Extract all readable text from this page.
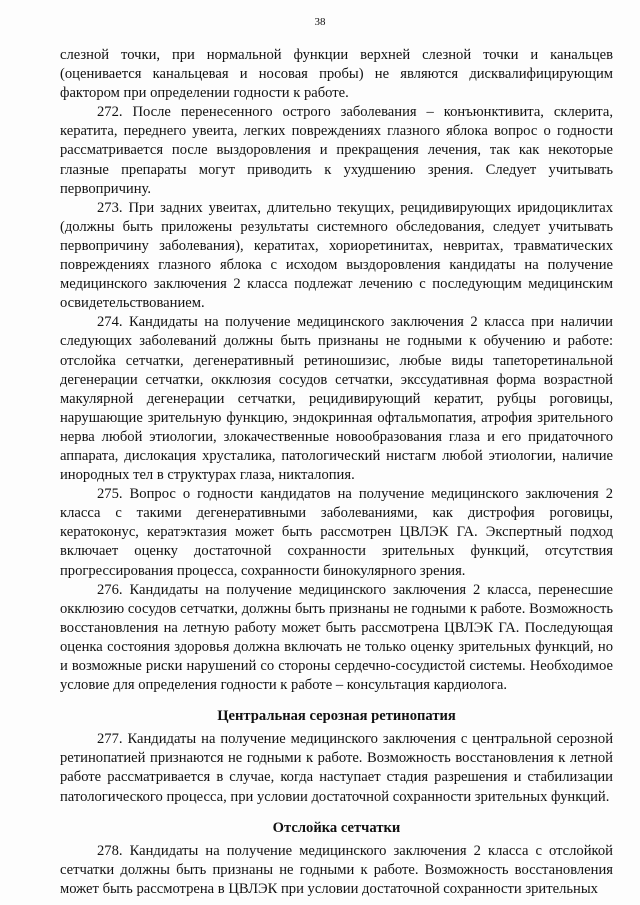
38

слезной точки, при нормальной функции верхней слезной точки и канальцев (оценивается канальцевая и носовая пробы) не являются дисквалифицирующим фактором при определении годности к работе.

272. После перенесенного острого заболевания – конъюнктивита, склерита, кератита, переднего увеита, легких повреждениях глазного яблока вопрос о годности рассматривается после выздоровления и прекращения лечения, так как некоторые глазные препараты могут приводить к ухудшению зрения. Следует учитывать первопричину.

273. При задних увеитах, длительно текущих, рецидивирующих иридоциклитах (должны быть приложены результаты системного обследования, следует учитывать первопричину заболевания), кератитах, хориоретинитах, невритах, травматических повреждениях глазного яблока с исходом выздоровления кандидаты на получение медицинского заключения 2 класса подлежат лечению с последующим медицинским освидетельствованием.

274. Кандидаты на получение медицинского заключения 2 класса при наличии следующих заболеваний должны быть признаны не годными к обучению и работе: отслойка сетчатки, дегенеративный ретиношизис, любые виды тапеторетинальной дегенерации сетчатки, окклюзия сосудов сетчатки, экссудативная форма возрастной макулярной дегенерации сетчатки, рецидивирующий кератит, рубцы роговицы, нарушающие зрительную функцию, эндокринная офтальмопатия, атрофия зрительного нерва любой этиологии, злокачественные новообразования глаза и его придаточного аппарата, дислокация хрусталика, патологический нистагм любой этиологии, наличие инородных тел в структурах глаза, никталопия.

275. Вопрос о годности кандидатов на получение медицинского заключения 2 класса с такими дегенеративными заболеваниями, как дистрофия роговицы, кератоконус, кератэктазия может быть рассмотрен ЦВЛЭК ГА. Экспертный подход включает оценку достаточной сохранности зрительных функций, отсутствия прогрессирования процесса, сохранности бинокулярного зрения.

276. Кандидаты на получение медицинского заключения 2 класса, перенесшие окклюзию сосудов сетчатки, должны быть признаны не годными к работе. Возможность восстановления на летную работу может быть рассмотрена ЦВЛЭК ГА. Последующая оценка состояния здоровья должна включать не только оценку зрительных функций, но и возможные риски нарушений со стороны сердечно-сосудистой системы. Необходимое условие для определения годности к работе – консультация кардиолога.

Центральная серозная ретинопатия

277. Кандидаты на получение медицинского заключения с центральной серозной ретинопатией признаются не годными к работе. Возможность восстановления к летной работе рассматривается в случае, когда наступает стадия разрешения и стабилизации патологического процесса, при условии достаточной сохранности зрительных функций.

Отслойка сетчатки

278. Кандидаты на получение медицинского заключения 2 класса с отслойкой сетчатки должны быть признаны не годными к работе. Возможность восстановления может быть рассмотрена в ЦВЛЭК при условии достаточной сохранности зрительных
